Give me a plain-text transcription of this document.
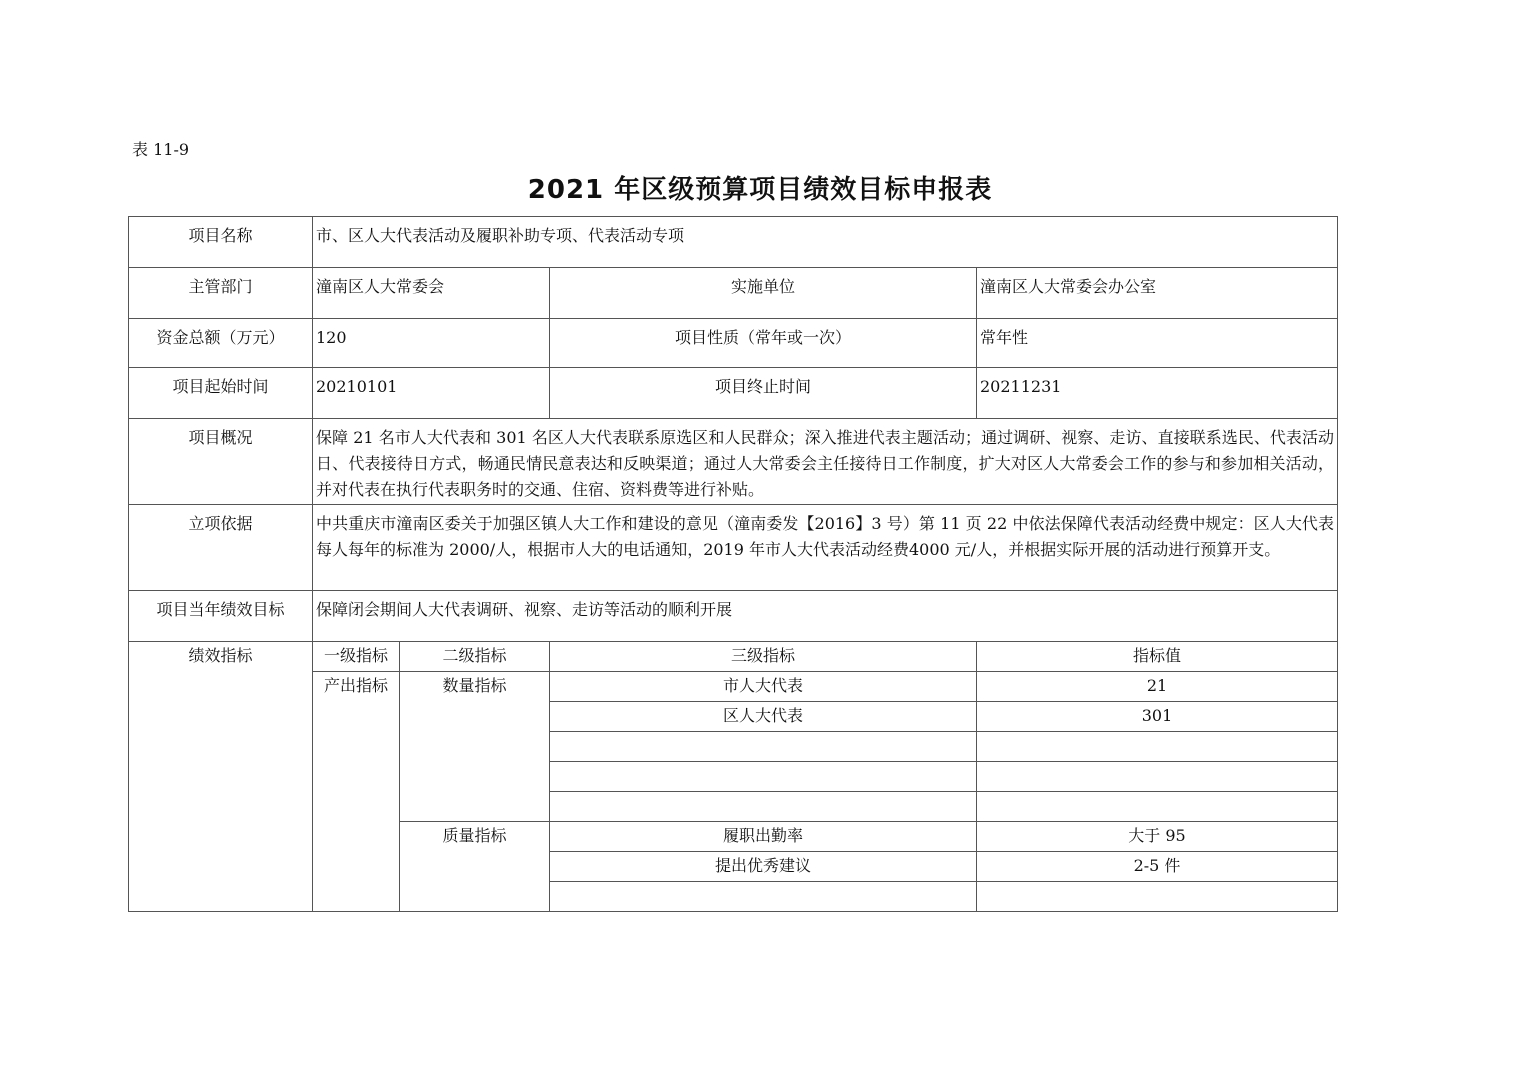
表 11-9
2021 年区级预算项目绩效目标申报表
项目名称	市、区人大代表活动及履职补助专项、代表活动专项			
主管部门	潼南区人大常委会		实施单位	潼南区人大常委会办公室
资金总额（万元）	120		项目性质（常年或一次）	常年性
项目起始时间	20210101		项目终止时间	20211231
项目概况	保障 21 名市人大代表和 301 名区人大代表联系原选区和人民群众；深入推进代表主题活动；通过调研、视察、走访、直接联系选民、代表活动日、代表接待日方式，畅通民情民意表达和反映渠道；通过人大常委会主任接待日工作制度，扩大对区人大常委会工作的参与和参加相关活动，并对代表在执行代表职务时的交通、住宿、资料费等进行补贴。			
立项依据	中共重庆市潼南区委关于加强区镇人大工作和建设的意见（潼南委发【2016】3 号）第 11 页 22 中依法保障代表活动经费中规定：区人大代表每人每年的标准为 2000/人，根据市人大的电话通知，2019 年市人大代表活动经费4000 元/人，并根据实际开展的活动进行预算开支。			
项目当年绩效目标	保障闭会期间人大代表调研、视察、走访等活动的顺利开展			
绩效指标	一级指标	二级指标	三级指标	指标值
	产出指标	数量指标	市人大代表	21
			区人大代表	301

		质量指标	履职出勤率	大于 95
			提出优秀建议	2-5 件
